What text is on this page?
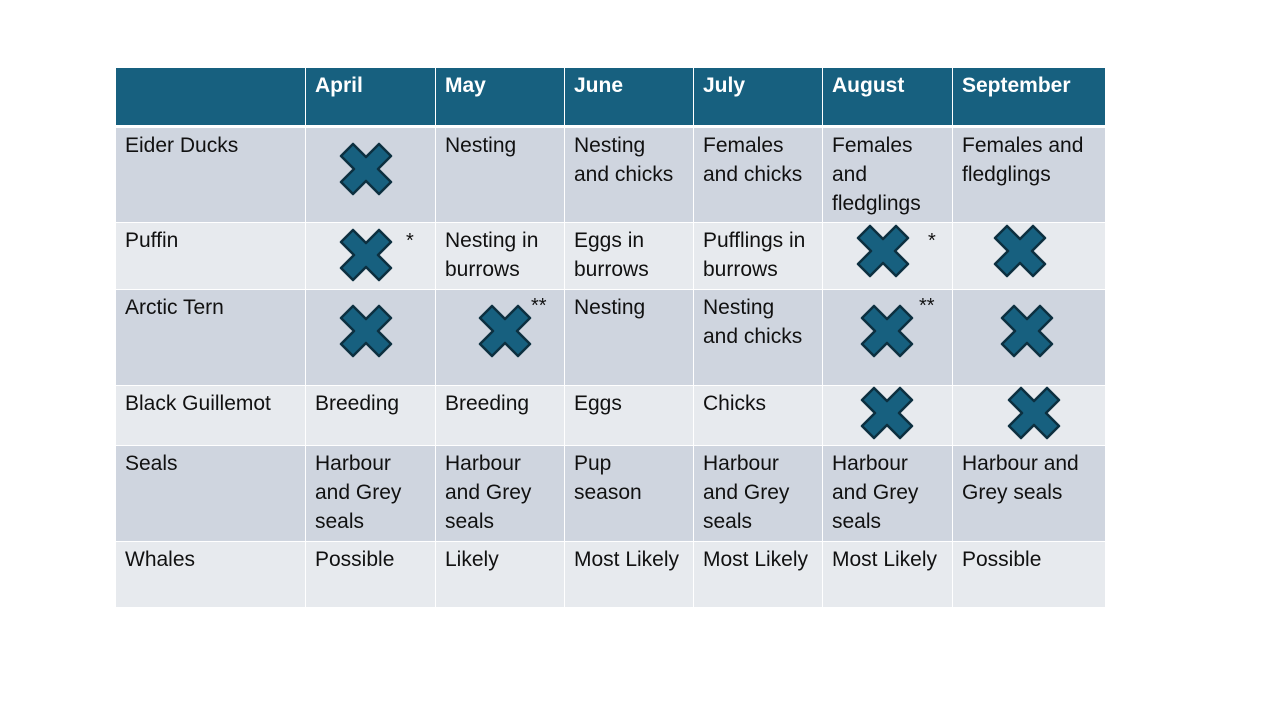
	April	May	June	July	August	September
Eider Ducks		Nesting	Nesting and chicks	Females and chicks	Females and fledglings	Females and fledglings
Puffin	*	Nesting in burrows	Eggs in burrows	Pufflings in burrows	*

Arctic Tern		**	Nesting	Nesting and chicks	**

Black Guillemot	Breeding	Breeding	Eggs	Chicks	

Seals	Harbour and Grey seals	Harbour and Grey seals	Pup season	Harbour and Grey seals	Harbour and Grey seals	Harbour and Grey seals
Whales	Possible	Likely	Most Likely	Most Likely	Most Likely	Possible
